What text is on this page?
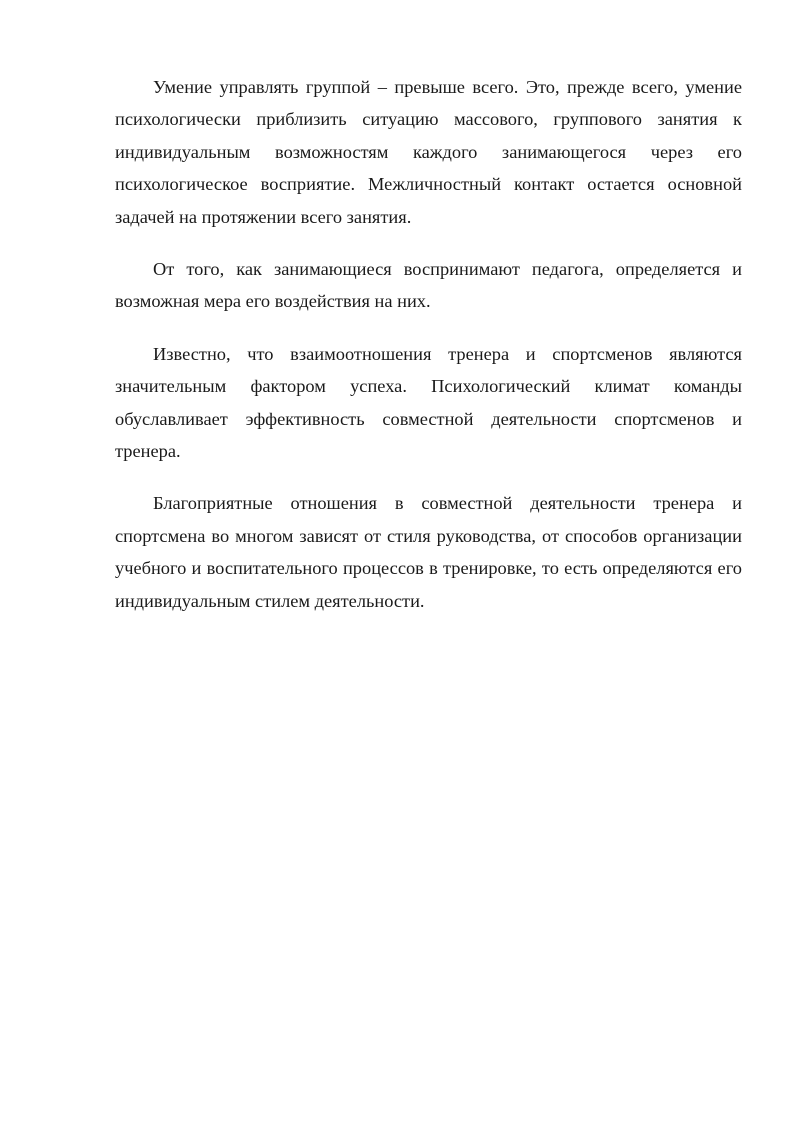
Умение управлять группой – превыше всего. Это, прежде всего, умение психологически приблизить ситуацию массового, группового занятия к индивидуальным возможностям каждого занимающегося через его психологическое восприятие. Межличностный контакт остается основной задачей на протяжении всего занятия.

От того, как занимающиеся воспринимают педагога, определяется и возможная мера его воздействия на них.

Известно, что взаимоотношения тренера и спортсменов являются значительным фактором успеха. Психологический климат команды обуславливает эффективность совместной деятельности спортсменов и тренера.

Благоприятные отношения в совместной деятельности тренера и спортсмена во многом зависят от стиля руководства, от способов организации учебного и воспитательного процессов в тренировке, то есть определяются его индивидуальным стилем деятельности.
